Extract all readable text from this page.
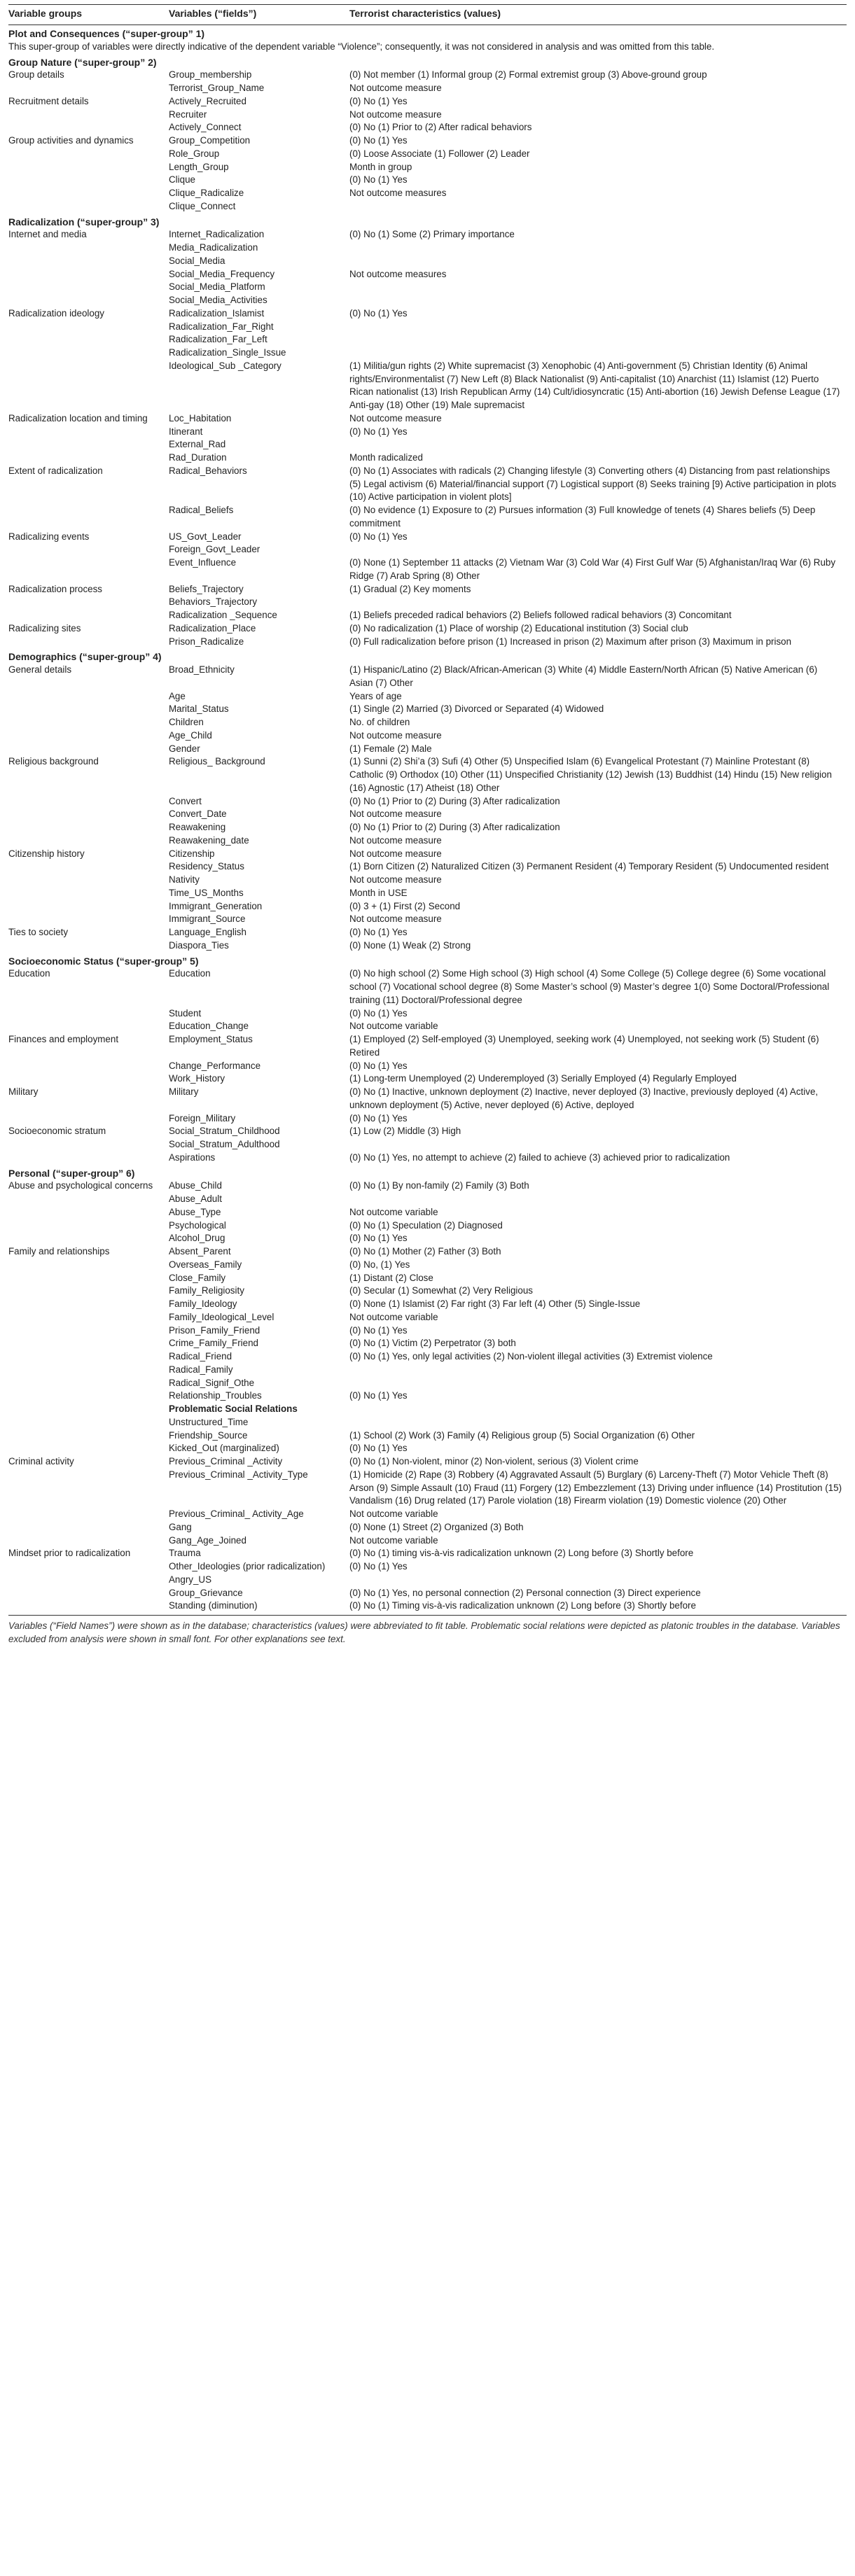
Variable groups	Variables (“fields”)	Terrorist characteristics (values)
Plot and Consequences (“super-group” 1)		
This super-group of variables were directly indicative of the dependent variable “Violence”; consequently, it was not considered in analysis and was omitted from this table.		
Group Nature (“super-group” 2)		
Group details	Group_membership	(0) Not member (1) Informal group (2) Formal extremist group (3) Above-ground group
	Terrorist_Group_Name	Not outcome measure
Recruitment details	Actively_Recruited	(0) No (1) Yes
	Recruiter	Not outcome measure
	Actively_Connect	(0) No (1) Prior to (2) After radical behaviors
Group activities and dynamics	Group_Competition	(0) No (1) Yes
	Role_Group	(0) Loose Associate (1) Follower (2) Leader
	Length_Group	Month in group
	Clique	(0) No (1) Yes
	Clique_Radicalize	Not outcome measures
	Clique_Connect	
Radicalization (“super-group” 3)		
Internet and media	Internet_Radicalization	(0) No (1) Some (2) Primary importance
	Media_Radicalization	
	Social_Media	
	Social_Media_Frequency	Not outcome measures
	Social_Media_Platform	
	Social_Media_Activities	
Radicalization ideology	Radicalization_Islamist	(0) No (1) Yes
	Radicalization_Far_Right	
	Radicalization_Far_Left	
	Radicalization_Single_Issue	
	Ideological_Sub _Category	(1) Militia/gun rights (2) White supremacist (3) Xenophobic (4) Anti-government (5) Christian Identity (6) Animal rights/Environmentalist (7) New Left (8) Black Nationalist (9) Anti-capitalist (10) Anarchist (11) Islamist (12) Puerto Rican nationalist (13) Irish Republican Army (14) Cult/idiosyncratic (15) Anti-abortion (16) Jewish Defense League (17) Anti-gay (18) Other (19) Male supremacist
Radicalization location and timing	Loc_Habitation	Not outcome measure
	Itinerant	(0) No (1) Yes
	External_Rad	
	Rad_Duration	Month radicalized
Extent of radicalization	Radical_Behaviors	(0) No (1) Associates with radicals (2) Changing lifestyle (3) Converting others (4) Distancing from past relationships (5) Legal activism (6) Material/financial support (7) Logistical support (8) Seeks training [9) Active participation in plots (10) Active participation in violent plots]
	Radical_Beliefs	(0) No evidence (1) Exposure to (2) Pursues information (3) Full knowledge of tenets (4) Shares beliefs (5) Deep commitment
Radicalizing events	US_Govt_Leader	(0) No (1) Yes
	Foreign_Govt_Leader	
	Event_Influence	(0) None (1) September 11 attacks (2) Vietnam War (3) Cold War (4) First Gulf War (5) Afghanistan/Iraq War (6) Ruby Ridge (7) Arab Spring (8) Other
Radicalization process	Beliefs_Trajectory	(1) Gradual (2) Key moments
	Behaviors_Trajectory	
	Radicalization _Sequence	(1) Beliefs preceded radical behaviors (2) Beliefs followed radical behaviors (3) Concomitant
Radicalizing sites	Radicalization_Place	(0) No radicalization (1) Place of worship (2) Educational institution (3) Social club
	Prison_Radicalize	(0) Full radicalization before prison (1) Increased in prison (2) Maximum after prison (3) Maximum in prison
Demographics (“super-group” 4)		
General details	Broad_Ethnicity	(1) Hispanic/Latino (2) Black/African-American (3) White (4) Middle Eastern/North African (5) Native American (6) Asian (7) Other
	Age	Years of age
	Marital_Status	(1) Single (2) Married (3) Divorced or Separated (4) Widowed
	Children	No. of children
	Age_Child	Not outcome measure
	Gender	(1) Female (2) Male
Religious background	Religious_ Background	(1) Sunni (2) Shi’a (3) Sufi (4) Other (5) Unspecified Islam (6) Evangelical Protestant (7) Mainline Protestant (8) Catholic (9) Orthodox (10) Other (11) Unspecified Christianity (12) Jewish (13) Buddhist (14) Hindu (15) New religion (16) Agnostic (17) Atheist (18) Other
	Convert	(0) No (1) Prior to (2) During (3) After radicalization
	Convert_Date	Not outcome measure
	Reawakening	(0) No (1) Prior to (2) During (3) After radicalization
	Reawakening_date	Not outcome measure
Citizenship history	Citizenship	Not outcome measure
	Residency_Status	(1) Born Citizen (2) Naturalized Citizen (3) Permanent Resident (4) Temporary Resident (5) Undocumented resident
	Nativity	Not outcome measure
	Time_US_Months	Month in USE
	Immigrant_Generation	(0) 3 + (1) First (2) Second
	Immigrant_Source	Not outcome measure
Ties to society	Language_English	(0) No (1) Yes
	Diaspora_Ties	(0) None (1) Weak (2) Strong
Socioeconomic Status (“super-group” 5)		
Education	Education	(0) No high school (2) Some High school (3) High school (4) Some College (5) College degree (6) Some vocational school (7) Vocational school degree (8) Some Master’s school (9) Master’s degree 1(0) Some Doctoral/Professional training (11) Doctoral/Professional degree
	Student	(0) No (1) Yes
	Education_Change	Not outcome variable
Finances and employment	Employment_Status	(1) Employed (2) Self-employed (3) Unemployed, seeking work (4) Unemployed, not seeking work (5) Student (6) Retired
	Change_Performance	(0) No (1) Yes
	Work_History	(1) Long-term Unemployed (2) Underemployed (3) Serially Employed (4) Regularly Employed
Military	Military	(0) No (1) Inactive, unknown deployment (2) Inactive, never deployed (3) Inactive, previously deployed (4) Active, unknown deployment (5) Active, never deployed (6) Active, deployed
	Foreign_Military	(0) No (1) Yes
Socioeconomic stratum	Social_Stratum_Childhood	(1) Low (2) Middle (3) High
	Social_Stratum_Adulthood	
	Aspirations	(0) No (1) Yes, no attempt to achieve (2) failed to achieve (3) achieved prior to radicalization
Personal (“super-group” 6)		
Abuse and psychological concerns	Abuse_Child	(0) No (1) By non-family (2) Family (3) Both
	Abuse_Adult	
	Abuse_Type	Not outcome variable
	Psychological	(0) No (1) Speculation (2) Diagnosed
	Alcohol_Drug	(0) No (1) Yes
Family and relationships	Absent_Parent	(0) No (1) Mother (2) Father (3) Both
	Overseas_Family	(0) No, (1) Yes
	Close_Family	(1) Distant (2) Close
	Family_Religiosity	(0) Secular (1) Somewhat (2) Very Religious
	Family_Ideology	(0) None (1) Islamist (2) Far right (3) Far left (4) Other (5) Single-Issue
	Family_Ideological_Level	Not outcome variable
	Prison_Family_Friend	(0) No (1) Yes
	Crime_Family_Friend	(0) No (1) Victim (2) Perpetrator (3) both
	Radical_Friend	(0) No (1) Yes, only legal activities (2) Non-violent illegal activities (3) Extremist violence
	Radical_Family	
	Radical_Signif_Othe	
	Relationship_Troubles	(0) No (1) Yes
	Problematic Social Relations	
	Unstructured_Time	
	Friendship_Source	(1) School (2) Work (3) Family (4) Religious group (5) Social Organization (6) Other
	Kicked_Out (marginalized)	(0) No (1) Yes
Criminal activity	Previous_Criminal _Activity	(0) No (1) Non-violent, minor (2) Non-violent, serious (3) Violent crime
	Previous_Criminal _Activity_Type	(1) Homicide (2) Rape (3) Robbery (4) Aggravated Assault (5) Burglary (6) Larceny-Theft (7) Motor Vehicle Theft (8) Arson (9) Simple Assault (10) Fraud (11) Forgery (12) Embezzlement (13) Driving under influence (14) Prostitution (15) Vandalism (16) Drug related (17) Parole violation (18) Firearm violation (19) Domestic violence (20) Other
	Previous_Criminal_ Activity_Age	Not outcome variable
	Gang	(0) None (1) Street (2) Organized (3) Both
	Gang_Age_Joined	Not outcome variable
Mindset prior to radicalization	Trauma	(0) No (1) timing vis-à-vis radicalization unknown (2) Long before (3) Shortly before
	Other_Ideologies (prior radicalization)	(0) No (1) Yes
	Angry_US	
	Group_Grievance	(0) No (1) Yes, no personal connection (2) Personal connection (3) Direct experience
	Standing (diminution)	(0) No (1) Timing vis-à-vis radicalization unknown (2) Long before (3) Shortly before
Variables (“Field Names”) were shown as in the database; characteristics (values) were abbreviated to fit table. Problematic social relations were depicted as platonic troubles in the database. Variables excluded from analysis were shown in small font. For other explanations see text.
